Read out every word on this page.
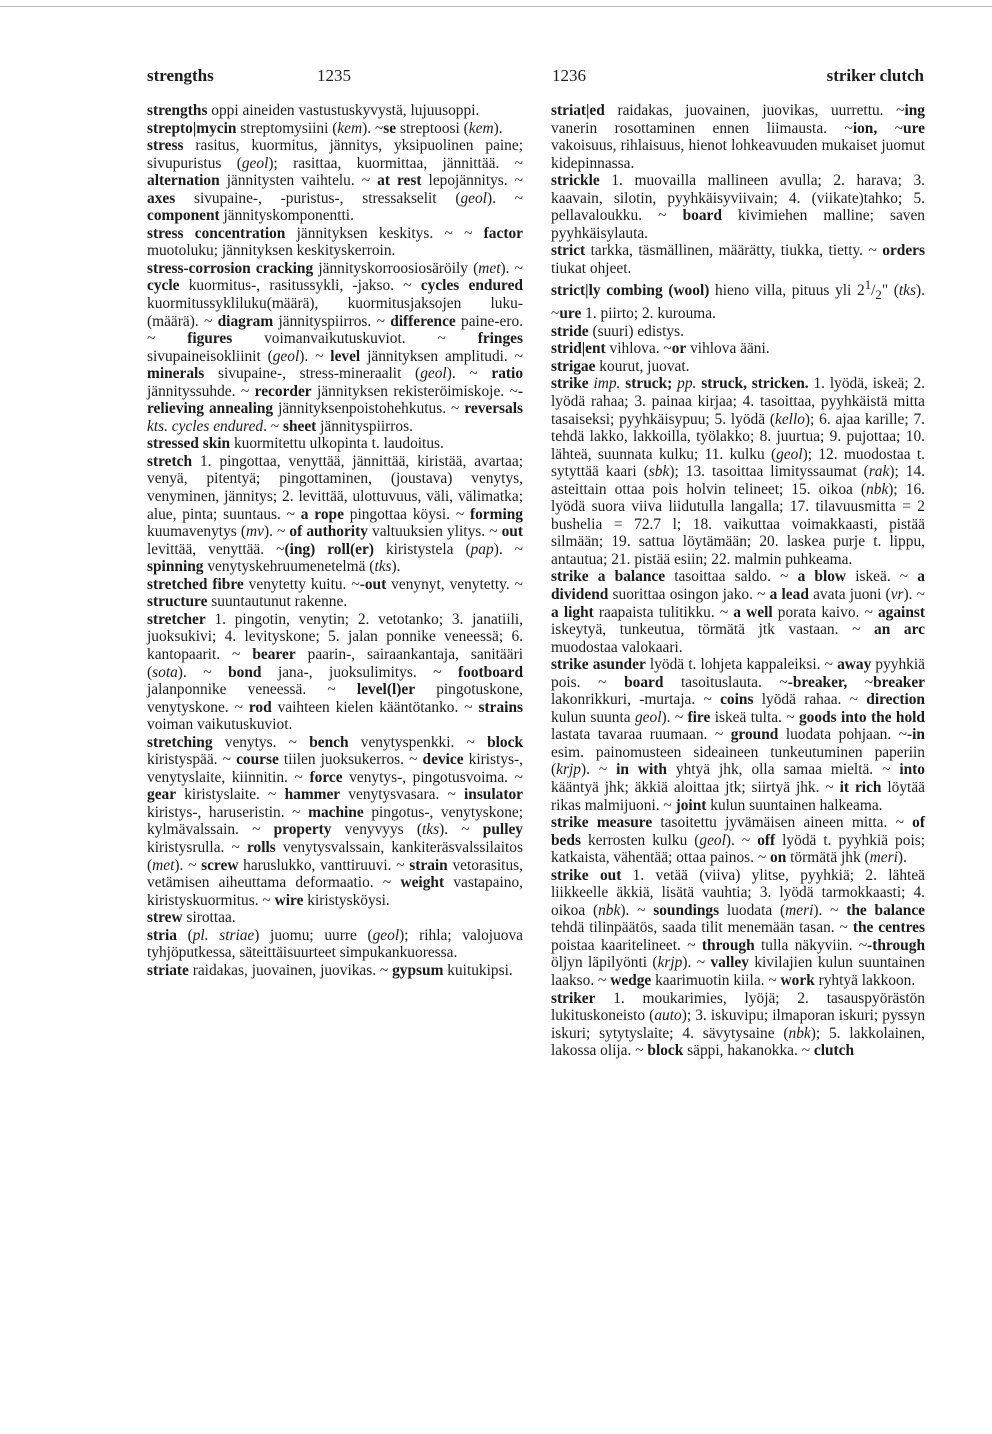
strengths	1235	1236	striker clutch

strengths oppi aineiden vastustuskyvystä, lujuusoppi.

strepto|mycin streptomysiini (kem). ~se streptoosi (kem).

stress rasitus, kuormitus, jännitys, yksipuolinen paine; sivupuristus (geol); rasittaa, kuormittaa, jännittää. ~ alternation jännitysten vaihtelu. ~ at rest lepojännitys. ~ axes sivupaine-, -puristus-, stressakselit (geol). ~ component jännityskomponentti.

stress concentration jännityksen keskitys. ~ ~ factor muotoluku; jännityksen keskityskerroin.

stress-corrosion cracking jännityskorroosiosäröily (met). ~ cycle kuormitus-, rasitussykli, -jakso. ~ cycles endured kuormitussykliluku(määrä), kuormitusjaksojen luku-(määrä). ~ diagram jännityspiirros. ~ difference paine-ero. ~ figures voimanvaikutuskuviot. ~ fringes sivupaineisokliinit (geol). ~ level jännityksen amplitudi. ~ minerals sivupaine-, stress-mineraalit (geol). ~ ratio jännityssuhde. ~ recorder jännityksen rekisteröimiskoje. ~-relieving annealing jännityksenpoistohehkutus. ~ reversals kts. cycles endured. ~ sheet jännityspiirros.

stressed skin kuormitettu ulkopinta t. laudoitus.

stretch 1. pingottaa, venyttää, jännittää, kiristää, avartaa; venyä, pitentyä; pingottaminen, (joustava) venytys, venyminen, jännitys; 2. levittää, ulottuvuus, väli, välimatka; alue, pinta; suuntaus. ~ a rope pingottaa köysi. ~ forming kuumavenytys (mv). ~ of authority valtuuksien ylitys. ~ out levittää, venyttää. ~(ing) roll(er) kiristystela (pap). ~ spinning venytyskehruumenetelmä (tks).

stretched fibre venytetty kuitu. ~-out venynyt, venytetty. ~ structure suuntautunut rakenne.

stretcher 1. pingotin, venytin; 2. vetotanko; 3. janatiili, juoksukivi; 4. levityskone; 5. jalan ponnike veneessä; 6. kantopaarit. ~ bearer paarin-, sairaankantaja, sanitääri (sota). ~ bond jana-, juoksulimitys. ~ footboard jalanponnike veneessä. ~ level(l)er pingotuskone, venytyskone. ~ rod vaihteen kielen kääntötanko. ~ strains voiman vaikutuskuviot.

stretching venytys. ~ bench venytyspenkki. ~ block kiristyspää. ~ course tiilen juoksukerros. ~ device kiristys-, venytyslaite, kiinnitin. ~ force venytys-, pingotusvoima. ~ gear kiristyslaite. ~ hammer venytysvasara. ~ insulator kiristys-, haruseristin. ~ machine pingotus-, venytyskone; kylmävalssain. ~ property venyvyys (tks). ~ pulley kiristysrulla. ~ rolls venytysvalssain, kankiteräsvalssilaitos (met). ~ screw haruslukko, vanttiruuvi. ~ strain vetorasitus, vetämisen aiheuttama deformaatio. ~ weight vastapaino, kiristyskuormitus. ~ wire kiristysköysi.

strew sirottaa.

stria (pl. striae) juomu; uurre (geol); rihla; valojuova tyhjöputkessa, säteittäisuurteet simpukankuoressa.

striate raidakas, juovainen, juovikas. ~ gypsum kuitukipsi.

striat|ed raidakas, juovainen, juovikas, uurrettu. ~ing vanerin rosottaminen ennen liimausta. ~ion, ~ure vakoisuus, rihlaisuus, hienot lohkeavuuden mukaiset juomut kidepinnassa.

strickle 1. muovailla mallineen avulla; 2. harava; 3. kaavain, silotin, pyyhkäisyviivain; 4. (viikate)tahko; 5. pellavaloukku. ~ board kivimiehen malline; saven pyyhkäisylauta.

strict tarkka, täsmällinen, määrätty, tiukka, tietty. ~ orders tiukat ohjeet.

strict|ly combing (wool) hieno villa, pituus yli $2^1/_2$" (tks). ~ure 1. piirto; 2. kurouma.

stride (suuri) edistys.

strid|ent vihlova. ~or vihlova ääni.

strigae kourut, juovat.

strike imp. struck; pp. struck, stricken. 1. lyödä, iskeä; 2. lyödä rahaa; 3. painaa kirjaa; 4. tasoittaa, pyyhkäistä mitta tasaiseksi; pyyhkäisypuu; 5. lyödä (kello); 6. ajaa karille; 7. tehdä lakko, lakkoilla, työlakko; 8. juurtua; 9. pujottaa; 10. lähteä, suunnata kulku; 11. kulku (geol); 12. muodostaa t. sytyttää kaari (sbk); 13. tasoittaa limityssaumat (rak); 14. asteittain ottaa pois holvin telineet; 15. oikoa (nbk); 16. lyödä suora viiva liidutulla langalla; 17. tilavuusmitta = 2 bushelia = 72.7 l; 18. vaikuttaa voimakkaasti, pistää silmään; 19. sattua löytämään; 20. laskea purje t. lippu, antautua; 21. pistää esiin; 22. malmin puhkeama.

strike a balance tasoittaa saldo. ~ a blow iskeä. ~ a dividend suorittaa osingon jako. ~ a lead avata juoni (vr). ~ a light raapaista tulitikku. ~ a well porata kaivo. ~ against iskeytyä, tunkeutua, törmätä jtk vastaan. ~ an arc muodostaa valokaari.

strike asunder lyödä t. lohjeta kappaleiksi. ~ away pyyhkiä pois. ~ board tasoituslauta. ~-breaker, ~breaker lakonrikkuri, -murtaja. ~ coins lyödä rahaa. ~ direction kulun suunta geol). ~ fire iskeä tulta. ~ goods into the hold lastata tavaraa ruumaan. ~ ground luodata pohjaan. ~-in esim. painomusteen sideaineen tunkeutuminen paperiin (krjp). ~ in with yhtyä jhk, olla samaa mieltä. ~ into kääntyä jhk; äkkiä aloittaa jtk; siirtyä jhk. ~ it rich löytää rikas malmijuoni. ~ joint kulun suuntainen halkeama.

strike measure tasoitettu jyvämäisen aineen mitta. ~ of beds kerrosten kulku (geol). ~ off lyödä t. pyyhkiä pois; katkaista, vähentää; ottaa painos. ~ on törmätä jhk (meri).

strike out 1. vetää (viiva) ylitse, pyyhkiä; 2. lähteä liikkeelle äkkiä, lisätä vauhtia; 3. lyödä tarmokkaasti; 4. oikoa (nbk). ~ soundings luodata (meri). ~ the balance tehdä tilinpäätös, saada tilit menemään tasan. ~ the centres poistaa kaaritelineet. ~ through tulla näkyviin. ~-through öljyn läpilyönti (krjp). ~ valley kivilajien kulun suuntainen laakso. ~ wedge kaarimuotin kiila. ~ work ryhtyä lakkoon.

striker 1. moukarimies, lyöjä; 2. tasauspyörästön lukituskoneisto (auto); 3. iskuvipu; ilmaporan iskuri; pyssyn iskuri; sytytyslaite; 4. sävytysaine (nbk); 5. lakkolainen, lakossa olija. ~ block säppi, hakanokka. ~ clutch
